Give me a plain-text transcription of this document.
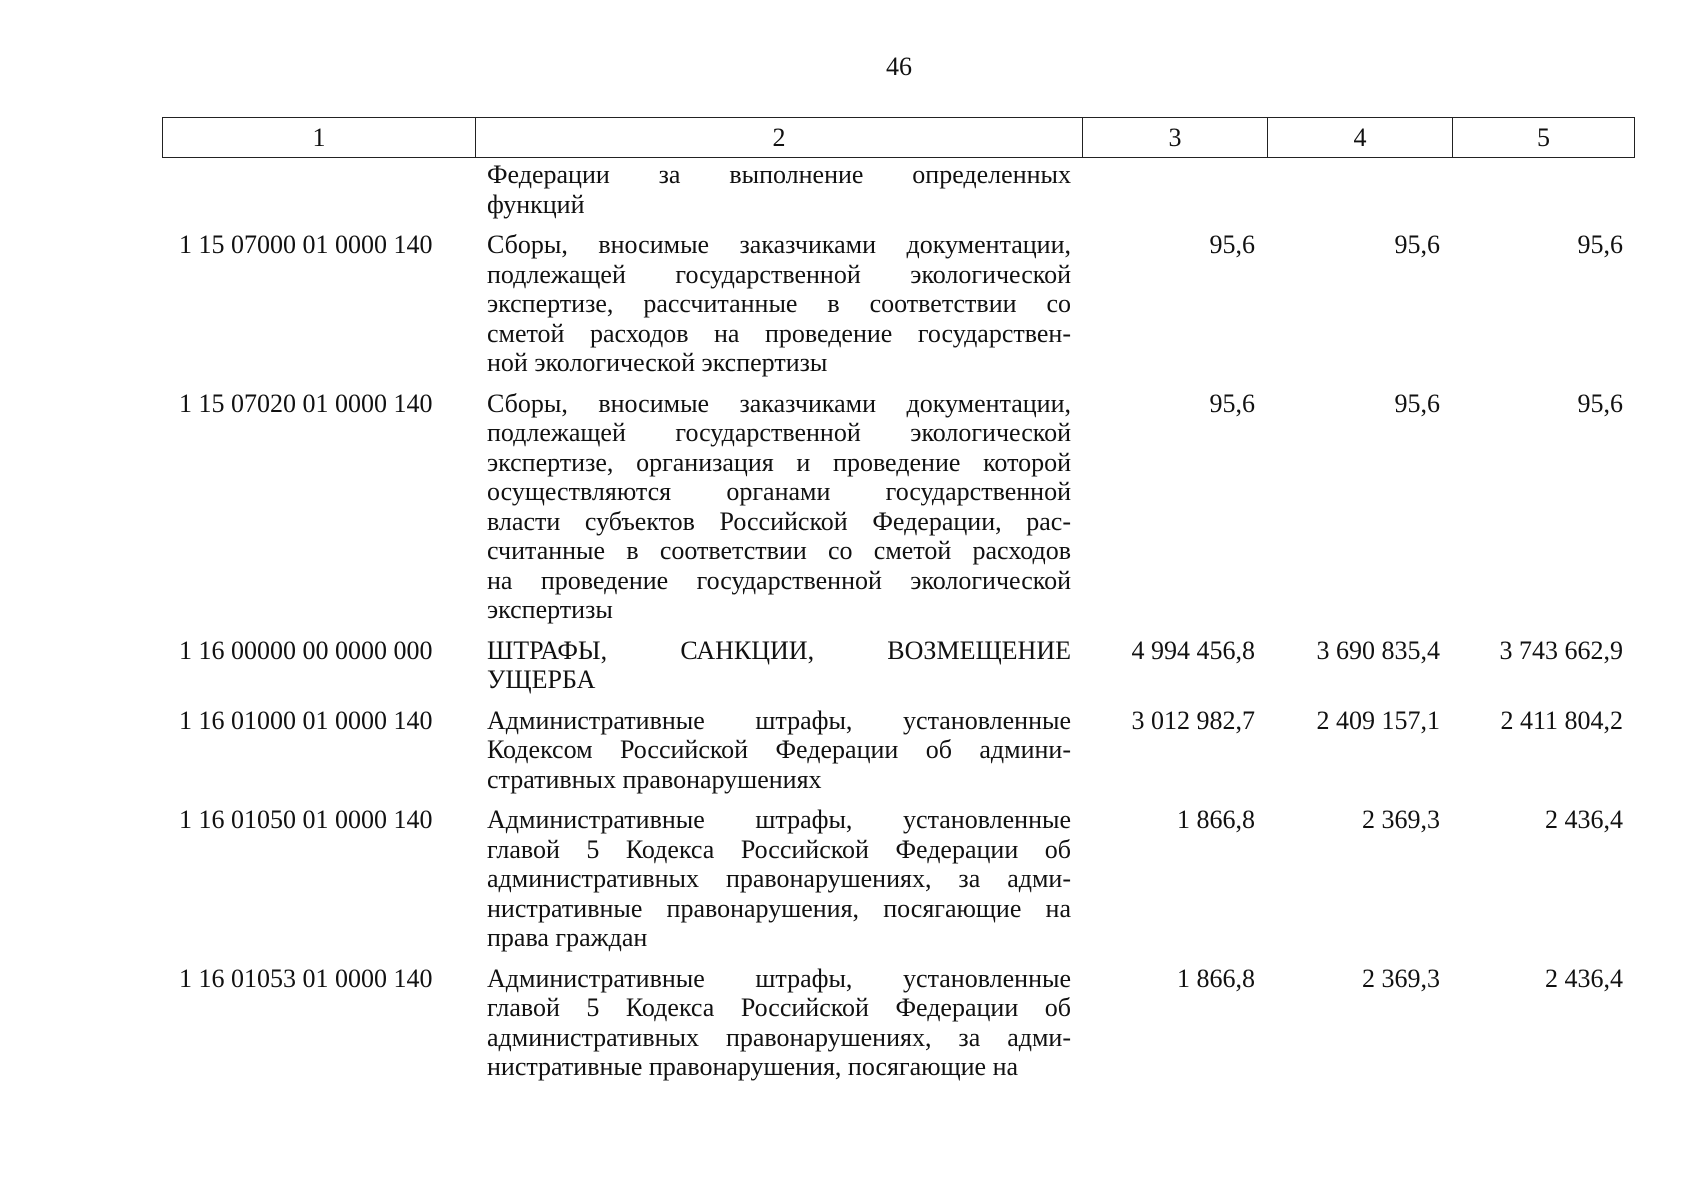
46
1	2	3	4	5
Федерации за выполнение определенных
функций
1 15 07000 01 0000 140	Сборы, вносимые заказчиками документации,
подлежащей государственной экологической
экспертизе, рассчитанные в соответствии со
сметой расходов на проведение государствен-
ной экологической экспертизы
95,6	95,6	95,6
1 15 07020 01 0000 140	Сборы, вносимые заказчиками документации,
подлежащей государственной экологической
экспертизе, организация и проведение которой
осуществляются органами государственной
власти субъектов Российской Федерации, рас-
считанные в соответствии со сметой расходов
на проведение государственной экологической
экспертизы
95,6	95,6	95,6
1 16 00000 00 0000 000	ШТРАФЫ, САНКЦИИ, ВОЗМЕЩЕНИЕ
УЩЕРБА
4 994 456,8	3 690 835,4	3 743 662,9
1 16 01000 01 0000 140	Административные штрафы, установленные
Кодексом Российской Федерации об админи-
стративных правонарушениях
3 012 982,7	2 409 157,1	2 411 804,2
1 16 01050 01 0000 140	Административные штрафы, установленные
главой 5 Кодекса Российской Федерации об
административных правонарушениях, за адми-
нистративные правонарушения, посягающие на
права граждан
1 866,8	2 369,3	2 436,4
1 16 01053 01 0000 140	Административные штрафы, установленные
главой 5 Кодекса Российской Федерации об
административных правонарушениях, за адми-
нистративные правонарушения, посягающие на
1 866,8	2 369,3	2 436,4
